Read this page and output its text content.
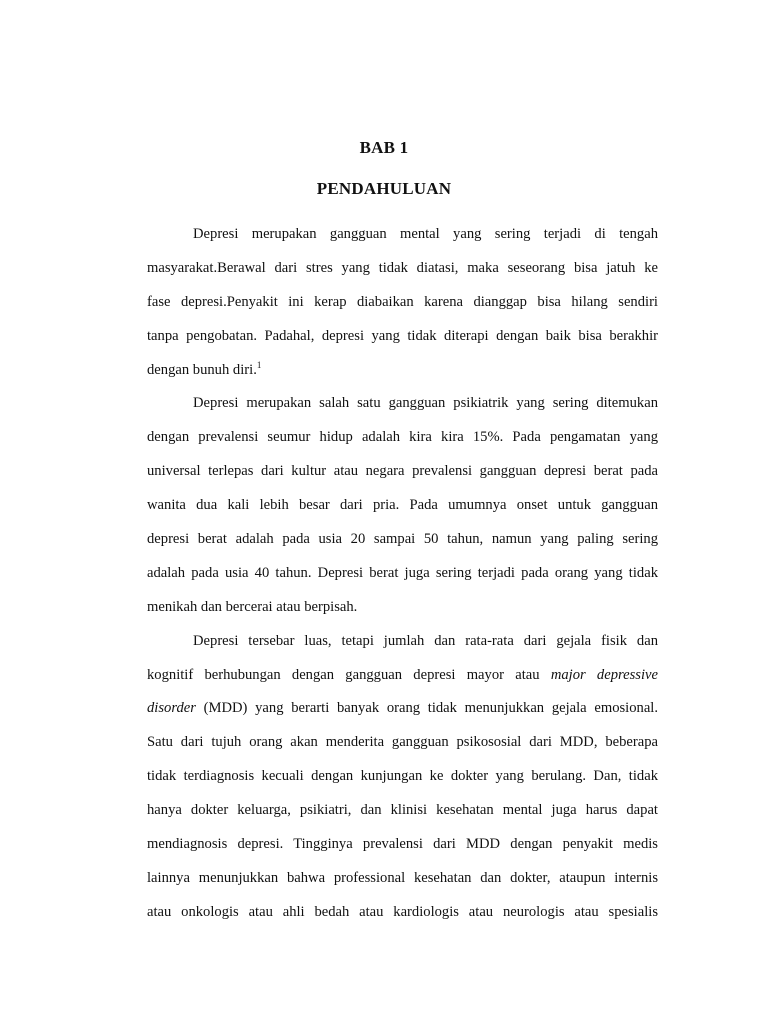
BAB 1
PENDAHULUAN
Depresi merupakan gangguan mental yang sering terjadi di tengah
masyarakat.Berawal dari stres yang tidak diatasi, maka seseorang bisa jatuh ke
fase depresi.Penyakit ini kerap diabaikan karena dianggap bisa hilang sendiri
tanpa pengobatan. Padahal, depresi yang tidak diterapi dengan baik bisa berakhir
dengan bunuh diri.$^1$
Depresi merupakan salah satu gangguan psikiatrik yang sering ditemukan
dengan prevalensi seumur hidup adalah kira kira 15%. Pada pengamatan yang
universal terlepas dari kultur atau negara prevalensi gangguan depresi berat pada
wanita dua kali lebih besar dari pria. Pada umumnya onset untuk gangguan
depresi berat adalah pada usia 20 sampai 50 tahun, namun yang paling sering
adalah pada usia 40 tahun. Depresi berat juga sering terjadi pada orang yang tidak
menikah dan bercerai atau berpisah.
Depresi tersebar luas, tetapi jumlah dan rata-rata dari gejala fisik dan
kognitif berhubungan dengan gangguan depresi mayor atau major depressive
disorder (MDD) yang berarti banyak orang tidak menunjukkan gejala emosional.
Satu dari tujuh orang akan menderita gangguan psikososial dari MDD, beberapa
tidak terdiagnosis kecuali dengan kunjungan ke dokter yang berulang. Dan, tidak
hanya dokter keluarga, psikiatri, dan klinisi kesehatan mental juga harus dapat
mendiagnosis depresi. Tingginya prevalensi dari MDD dengan penyakit medis
lainnya menunjukkan bahwa professional kesehatan dan dokter, ataupun internis
atau onkologis atau ahli bedah atau kardiologis atau neurologis atau spesialis
